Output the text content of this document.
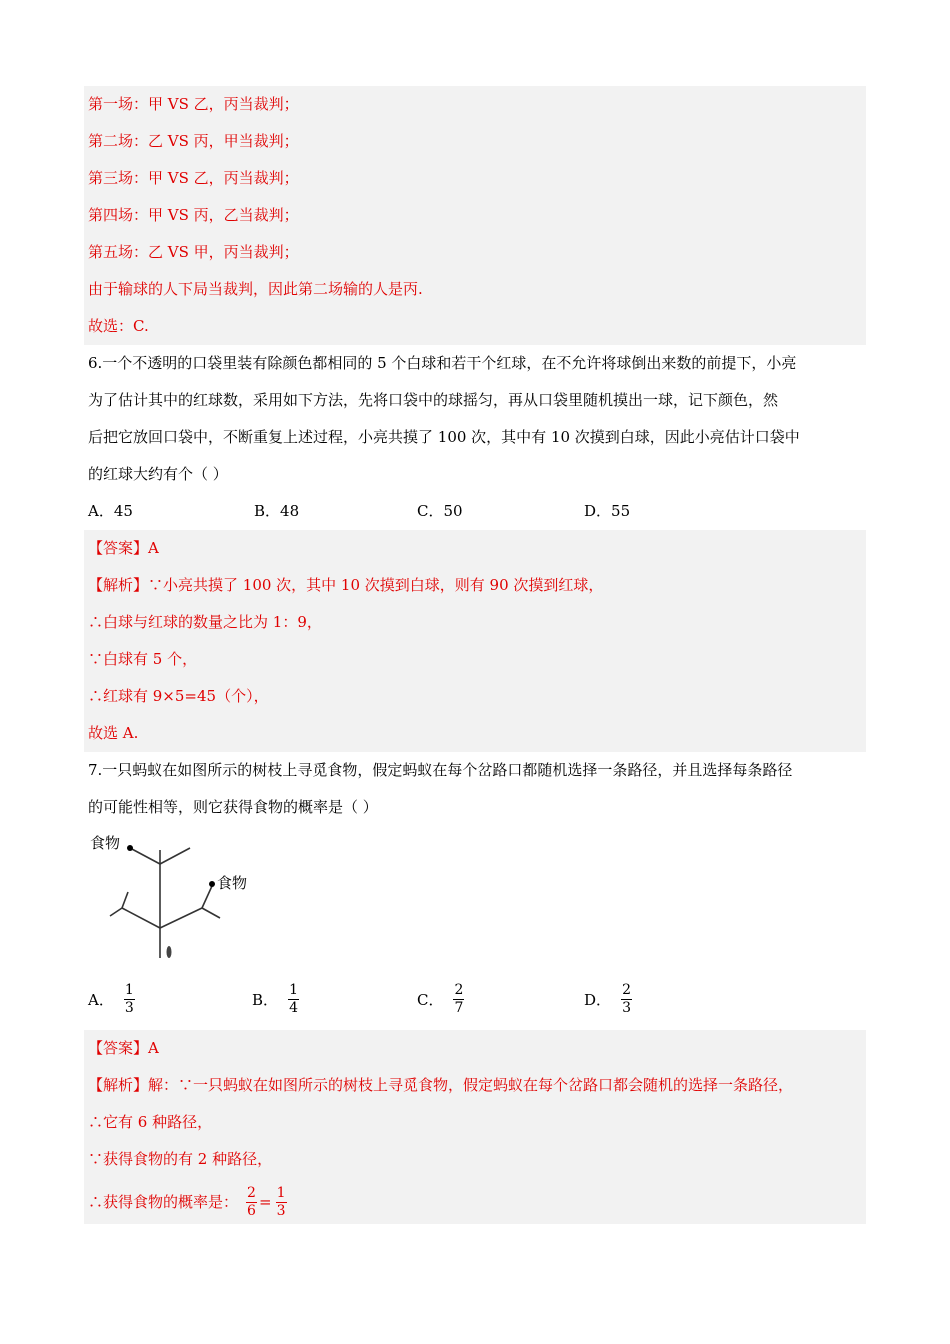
第一场：甲 VS 乙，丙当裁判；
第二场：乙 VS 丙，甲当裁判；
第三场：甲 VS 乙，丙当裁判；
第四场：甲 VS 丙，乙当裁判；
第五场：乙 VS 甲，丙当裁判；
由于输球的人下局当裁判，因此第二场输的人是丙.
故选：C.
6.一个不透明的口袋里装有除颜色都相同的 5 个白球和若干个红球，在不允许将球倒出来数的前提下，小亮
为了估计其中的红球数，采用如下方法，先将口袋中的球摇匀，再从口袋里随机摸出一球，记下颜色，然
后把它放回口袋中，不断重复上述过程，小亮共摸了 100 次，其中有 10 次摸到白球，因此小亮估计口袋中
的红球大约有个（ ）
A．45	B．48	C．50	D．55
【答案】A
【解析】∵小亮共摸了 100 次，其中 10 次摸到白球，则有 90 次摸到红球，
∴白球与红球的数量之比为 1：9，
∵白球有 5 个，
∴红球有 9×5=45（个），
故选 A.
7.一只蚂蚁在如图所示的树枝上寻觅食物，假定蚂蚁在每个岔路口都随机选择一条路径，并且选择每条路径
的可能性相等，则它获得食物的概率是（ ）
食物
食物
A． $\frac{1}{3}$	B． $\frac{1}{4}$	C． $\frac{2}{7}$	D． $\frac{2}{3}$
【答案】A
【解析】解：∵一只蚂蚁在如图所示的树枝上寻觅食物，假定蚂蚁在每个岔路口都会随机的选择一条路径，
∴它有 6 种路径，
∵获得食物的有 2 种路径，
∴获得食物的概率是： $\frac{2}{6} = \frac{1}{3}$
